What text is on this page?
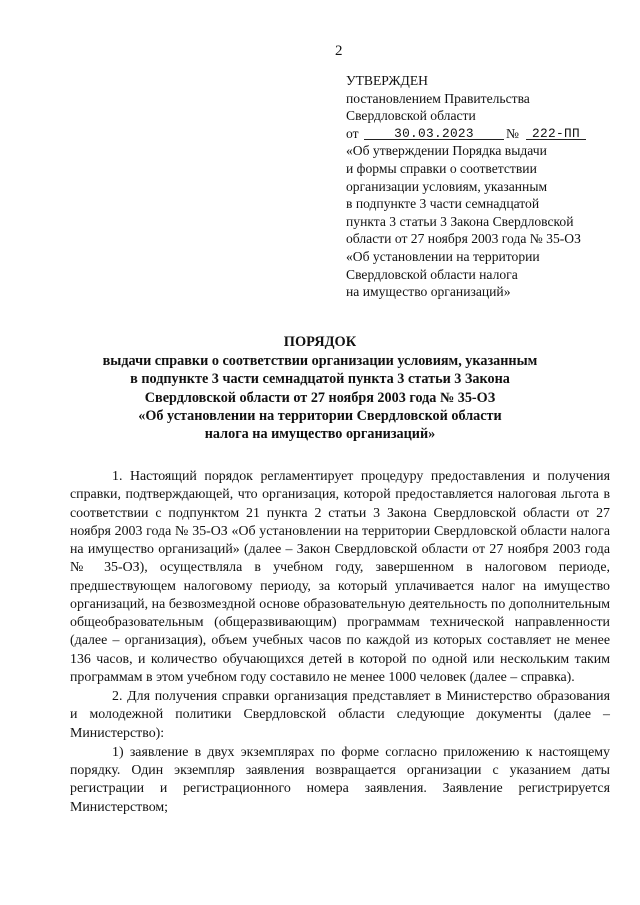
2
УТВЕРЖДЕН
постановлением Правительства
Свердловской области
от	30.03.2023	№	222-ПП
«Об утверждении Порядка выдачи
и формы справки о соответствии
организации условиям, указанным
в подпункте 3 части семнадцатой
пункта 3 статьи 3 Закона Свердловской
области от 27 ноября 2003 года № 35-ОЗ
«Об установлении на территории
Свердловской области налога
на имущество организаций»
ПОРЯДОК
выдачи справки о соответствии организации условиям, указанным
в подпункте 3 части семнадцатой пункта 3 статьи 3 Закона
Свердловской области от 27 ноября 2003 года № 35-ОЗ
«Об установлении на территории Свердловской области
налога на имущество организаций»

1. Настоящий порядок регламентирует процедуру предоставления и получения справки, подтверждающей, что организация, которой предоставляется налоговая льгота в соответствии с подпунктом 21 пункта 2 статьи 3 Закона Свердловской области от 27 ноября 2003 года № 35-ОЗ «Об установлении на территории Свердловской области налога на имущество организаций» (далее – Закон Свердловской области от 27 ноября 2003 года № 35-ОЗ), осуществляла в учебном году, завершенном в налоговом периоде, предшествующем налоговому периоду, за который уплачивается налог на имущество организаций, на безвозмездной основе образовательную деятельность по дополнительным общеобразовательным (общеразвивающим) программам технической направленности (далее – организация), объем учебных часов по каждой из которых составляет не менее 136 часов, и количество обучающихся детей в которой по одной или нескольким таким программам в этом учебном году составило не менее 1000 человек (далее – справка).

2. Для получения справки организация представляет в Министерство образования и молодежной политики Свердловской области следующие документы (далее – Министерство):

1) заявление в двух экземплярах по форме согласно приложению к настоящему порядку. Один экземпляр заявления возвращается организации с указанием даты регистрации и регистрационного номера заявления. Заявление регистрируется Министерством;
